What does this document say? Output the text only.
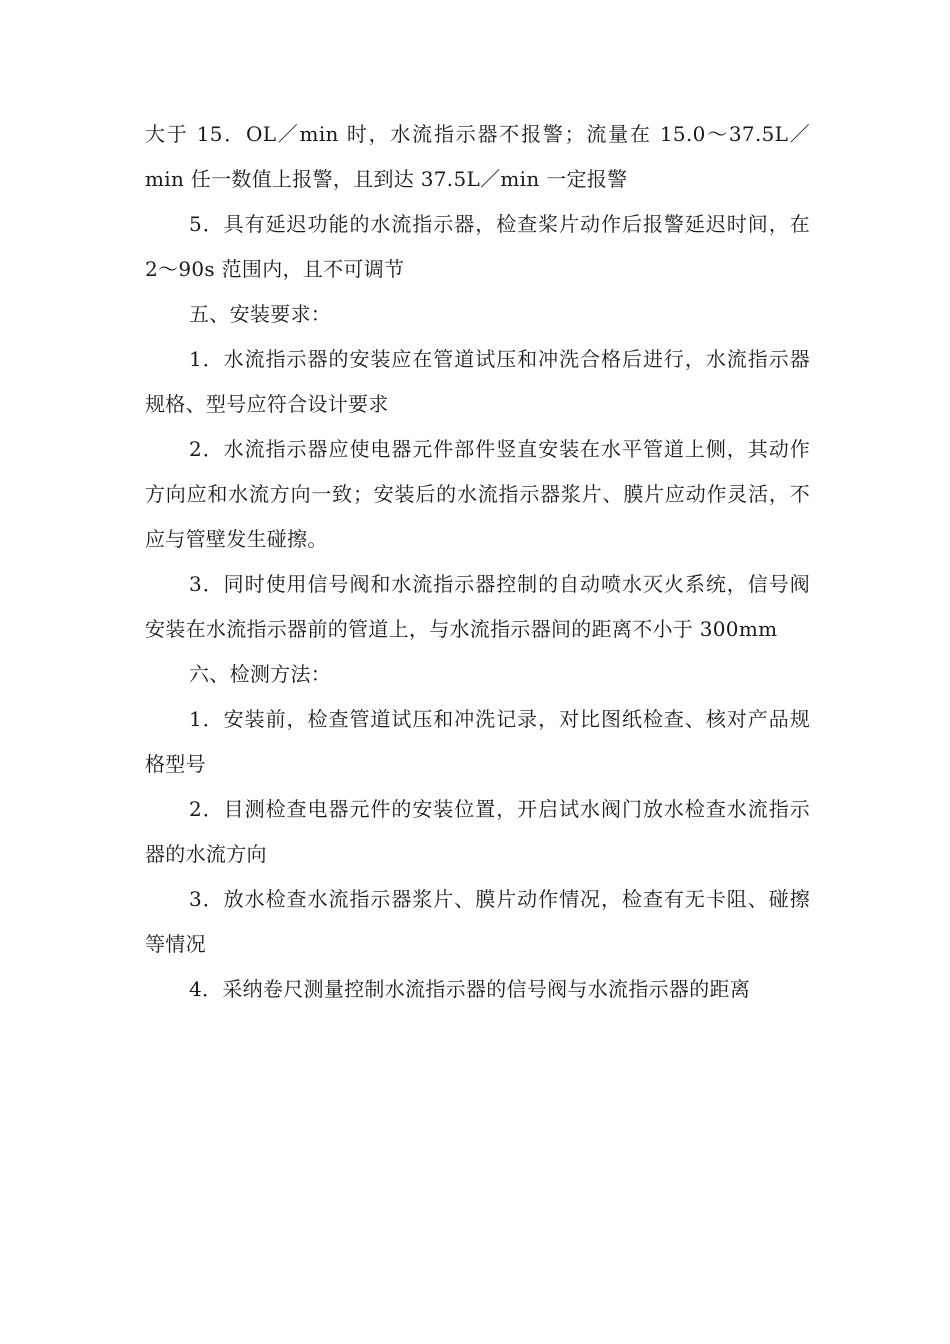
大于 15．OL／min 时，水流指示器不报警；流量在 15.0～37.5L／min 任一数值上报警，且到达 37.5L／min 一定报警

5．具有延迟功能的水流指示器，检查桨片动作后报警延迟时间，在 2～90s 范围内，且不可调节

五、安装要求：

1．水流指示器的安装应在管道试压和冲洗合格后进行，水流指示器规格、型号应符合设计要求

2．水流指示器应使电器元件部件竖直安装在水平管道上侧，其动作方向应和水流方向一致；安装后的水流指示器浆片、膜片应动作灵活，不应与管壁发生碰擦。

3．同时使用信号阀和水流指示器控制的自动喷水灭火系统，信号阀安装在水流指示器前的管道上，与水流指示器间的距离不小于 300mm

六、检测方法：

1．安装前，检查管道试压和冲洗记录，对比图纸检查、核对产品规格型号

2．目测检查电器元件的安装位置，开启试水阀门放水检查水流指示器的水流方向

3．放水检查水流指示器浆片、膜片动作情况，检查有无卡阻、碰擦等情况

4．采纳卷尺测量控制水流指示器的信号阀与水流指示器的距离
